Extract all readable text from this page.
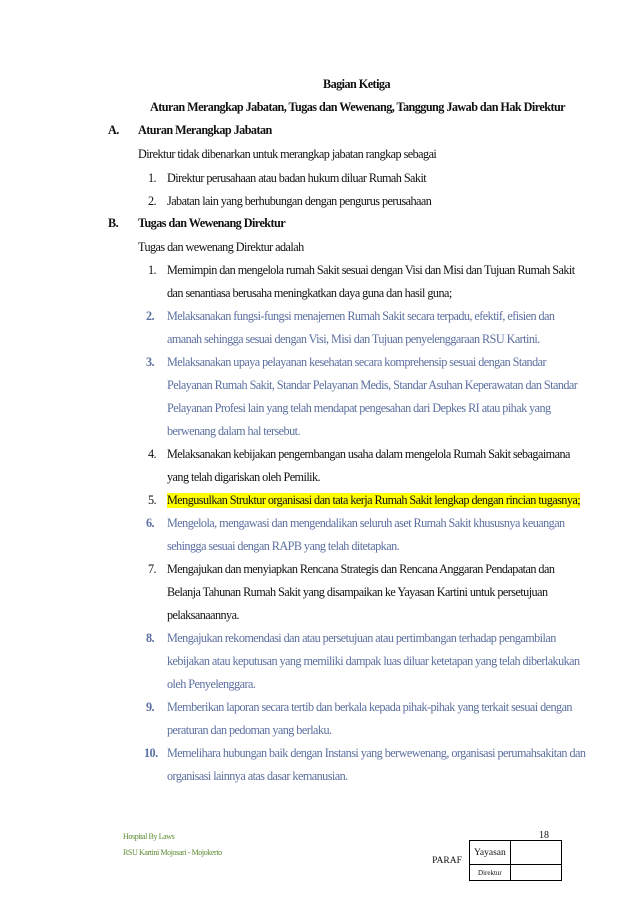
Bagian Ketiga
Aturan Merangkap Jabatan, Tugas dan Wewenang, Tanggung Jawab dan Hak Direktur
A. Aturan Merangkap Jabatan
Direktur tidak dibenarkan untuk merangkap jabatan rangkap sebagai
1. Direktur perusahaan atau badan hukum diluar Rumah Sakit
2. Jabatan lain yang berhubungan dengan pengurus perusahaan
B. Tugas dan Wewenang Direktur
Tugas dan wewenang Direktur adalah
1. Memimpin dan mengelola rumah Sakit sesuai dengan Visi dan Misi dan Tujuan Rumah Sakit
dan senantiasa berusaha meningkatkan daya guna dan hasil guna;
2. Melaksanakan fungsi-fungsi menajemen Rumah Sakit secara terpadu, efektif, efisien dan
amanah sehingga sesuai dengan Visi, Misi dan Tujuan penyelenggaraan RSU Kartini.
3. Melaksanakan upaya pelayanan kesehatan secara komprehensip sesuai dengan Standar
Pelayanan Rumah Sakit, Standar Pelayanan Medis, Standar Asuhan Keperawatan dan Standar
Pelayanan Profesi lain yang telah mendapat pengesahan dari Depkes RI atau pihak yang
berwenang dalam hal tersebut.
4. Melaksanakan kebijakan pengembangan usaha dalam mengelola Rumah Sakit sebagaimana
yang telah digariskan oleh Pemilik.
5. Mengusulkan Struktur organisasi dan tata kerja Rumah Sakit lengkap dengan rincian tugasnya;
6. Mengelola, mengawasi dan mengendalikan seluruh aset Rumah Sakit khususnya keuangan
sehingga sesuai dengan RAPB yang telah ditetapkan.
7. Mengajukan dan menyiapkan Rencana Strategis dan Rencana Anggaran Pendapatan dan
Belanja Tahunan Rumah Sakit yang disampaikan ke Yayasan Kartini untuk persetujuan
pelaksanaannya.
8. Mengajukan rekomendasi dan atau persetujuan atau pertimbangan terhadap pengambilan
kebijakan atau keputusan yang memiliki dampak luas diluar ketetapan yang telah diberlakukan
oleh Penyelenggara.
9. Memberikan laporan secara tertib dan berkala kepada pihak-pihak yang terkait sesuai dengan
peraturan dan pedoman yang berlaku.
10. Memelihara hubungan baik dengan Instansi yang berwewenang, organisasi perumahsakitan dan
organisasi lainnya atas dasar kemanusian.
Hospital By Laws
RSU Kartini Mojosari - Mojokerto
18
PARAF	Yayasan	
	Direktur	
